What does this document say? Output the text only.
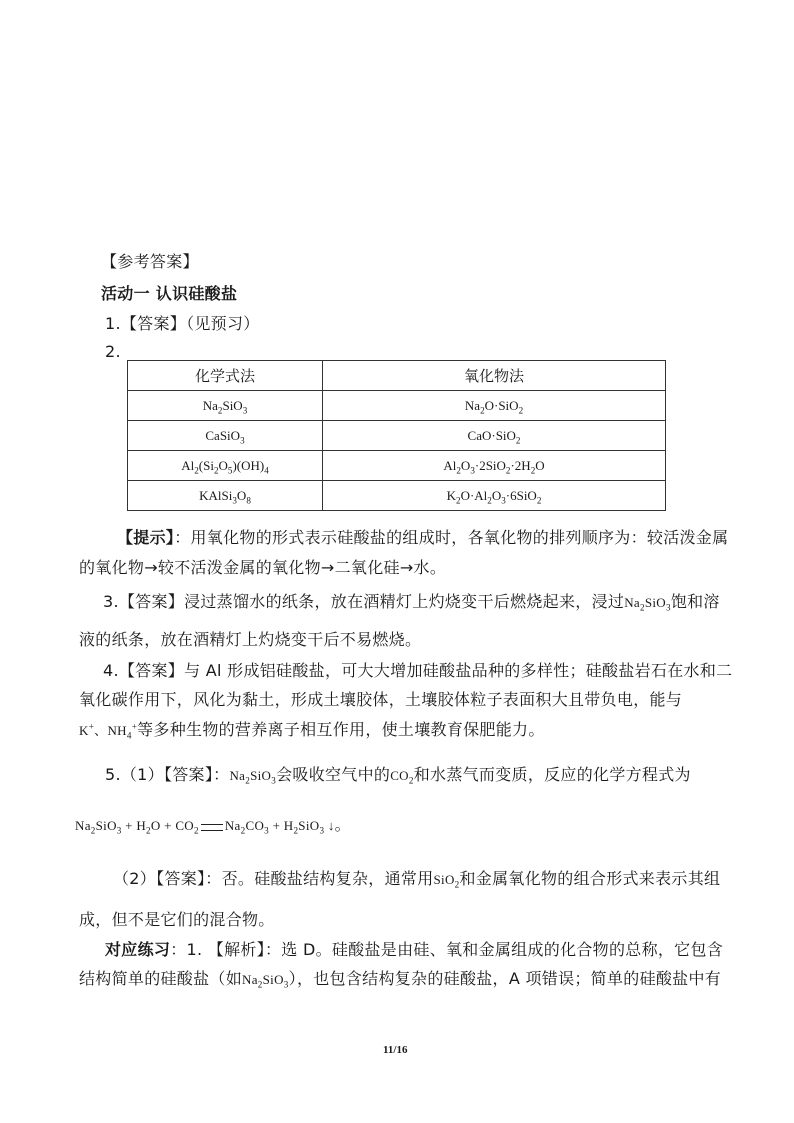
【参考答案】
活动一 认识硅酸盐
1.【答案】（见预习）
2.
化学式法	氧化物法
$Na_2SiO_3$	$Na_2O\cdot SiO_2$
CaSiO$_3$	CaO·SiO$_2$
$Al_2(Si_2O_5)(OH)_4$	$Al_2O_3\cdot 2SiO_2\cdot 2H_2O$
$KAlSi_3O_8$	$K_2O\cdot Al_2O_3\cdot 6SiO_2$
【提示】：用氧化物的形式表示硅酸盐的组成时，各氧化物的排列顺序为：较活泼金属
的氧化物→较不活泼金属的氧化物→二氧化硅→水。
3.【答案】浸过蒸馏水的纸条，放在酒精灯上灼烧变干后燃烧起来，浸过$Na_2SiO_3$饱和溶
液的纸条，放在酒精灯上灼烧变干后不易燃烧。
4.【答案】与 Al 形成铝硅酸盐，可大大增加硅酸盐品种的多样性；硅酸盐岩石在水和二
氧化碳作用下，风化为黏土，形成土壤胶体，土壤胶体粒子表面积大且带负电，能与
K+、$NH_4^+$等多种生物的营养离子相互作用，使土壤教育保肥能力。
5.（1）【答案】：$Na_2SiO_3$会吸收空气中的$CO_2$和水蒸气而变质，反应的化学方程式为
$Na_2SiO_3 + H_2O + CO_2$ $Na_2CO_3 + H_2SiO_3$ ↓。
（2）【答案】：否。硅酸盐结构复杂，通常用SiO$_2$和金属氧化物的组合形式来表示其组
成，但不是它们的混合物。
对应练习：1. 【解析】：选 D。硅酸盐是由硅、氧和金属组成的化合物的总称，它包含
结构简单的硅酸盐（如$Na_2SiO_3$），也包含结构复杂的硅酸盐，A 项错误；简单的硅酸盐中有
11/16
